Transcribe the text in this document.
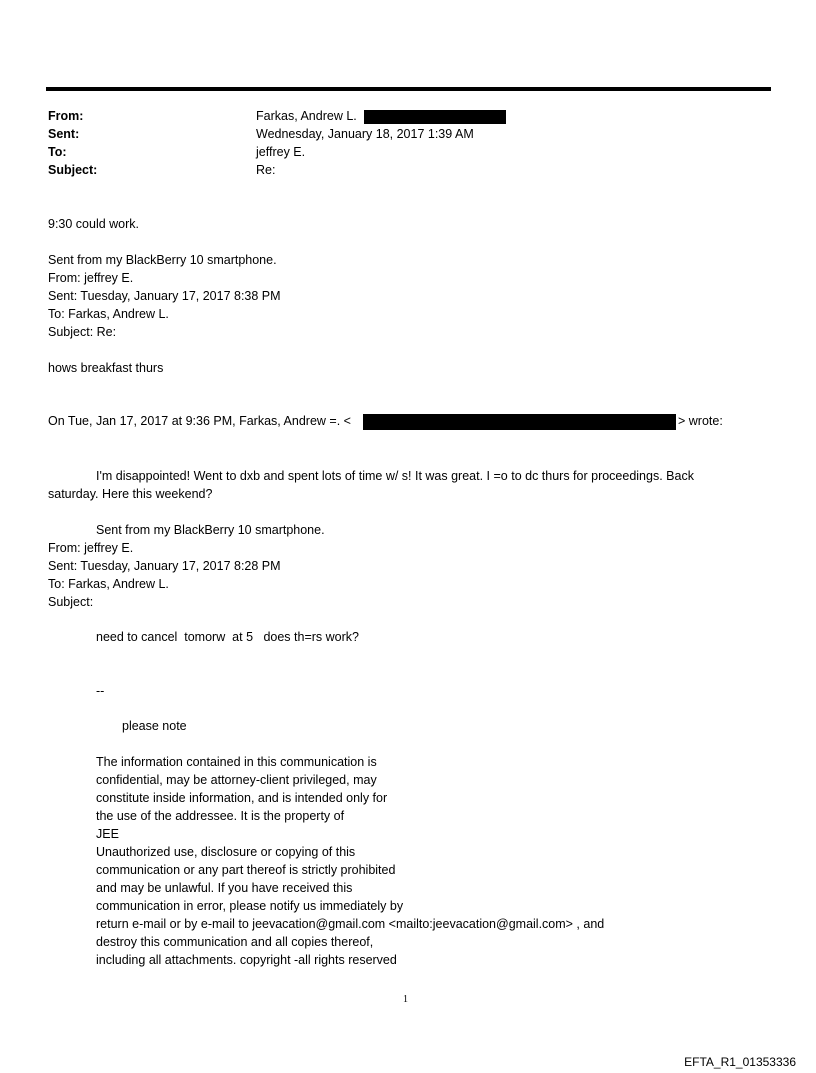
From:	Farkas, Andrew L.
Sent:	Wednesday, January 18, 2017 1:39 AM
To:	jeffrey E.
Subject:	Re:
9:30 could work.
Sent from my BlackBerry 10 smartphone.
From: jeffrey E.
Sent: Tuesday, January 17, 2017 8:38 PM
To: Farkas, Andrew L.
Subject: Re:
hows breakfast thurs
On Tue, Jan 17, 2017 at 9:36 PM, Farkas, Andrew =. <	> wrote:
I'm disappointed! Went to dxb and spent lots of time w/ s! It was great. I =o to dc thurs for proceedings. Back
saturday. Here this weekend?
Sent from my BlackBerry 10 smartphone.
From: jeffrey E.
Sent: Tuesday, January 17, 2017 8:28 PM
To: Farkas, Andrew L.
Subject:
need to cancel  tomorw  at 5   does th=rs work?
--
please note
The information contained in this communication is
confidential, may be attorney-client privileged, may
constitute inside information, and is intended only for
the use of the addressee. It is the property of
JEE
Unauthorized use, disclosure or copying of this
communication or any part thereof is strictly prohibited
and may be unlawful. If you have received this
communication in error, please notify us immediately by
return e-mail or by e-mail to jeevacation@gmail.com <mailto:jeevacation@gmail.com> , and
destroy this communication and all copies thereof,
including all attachments. copyright -all rights reserved
1
EFTA_R1_01353336
